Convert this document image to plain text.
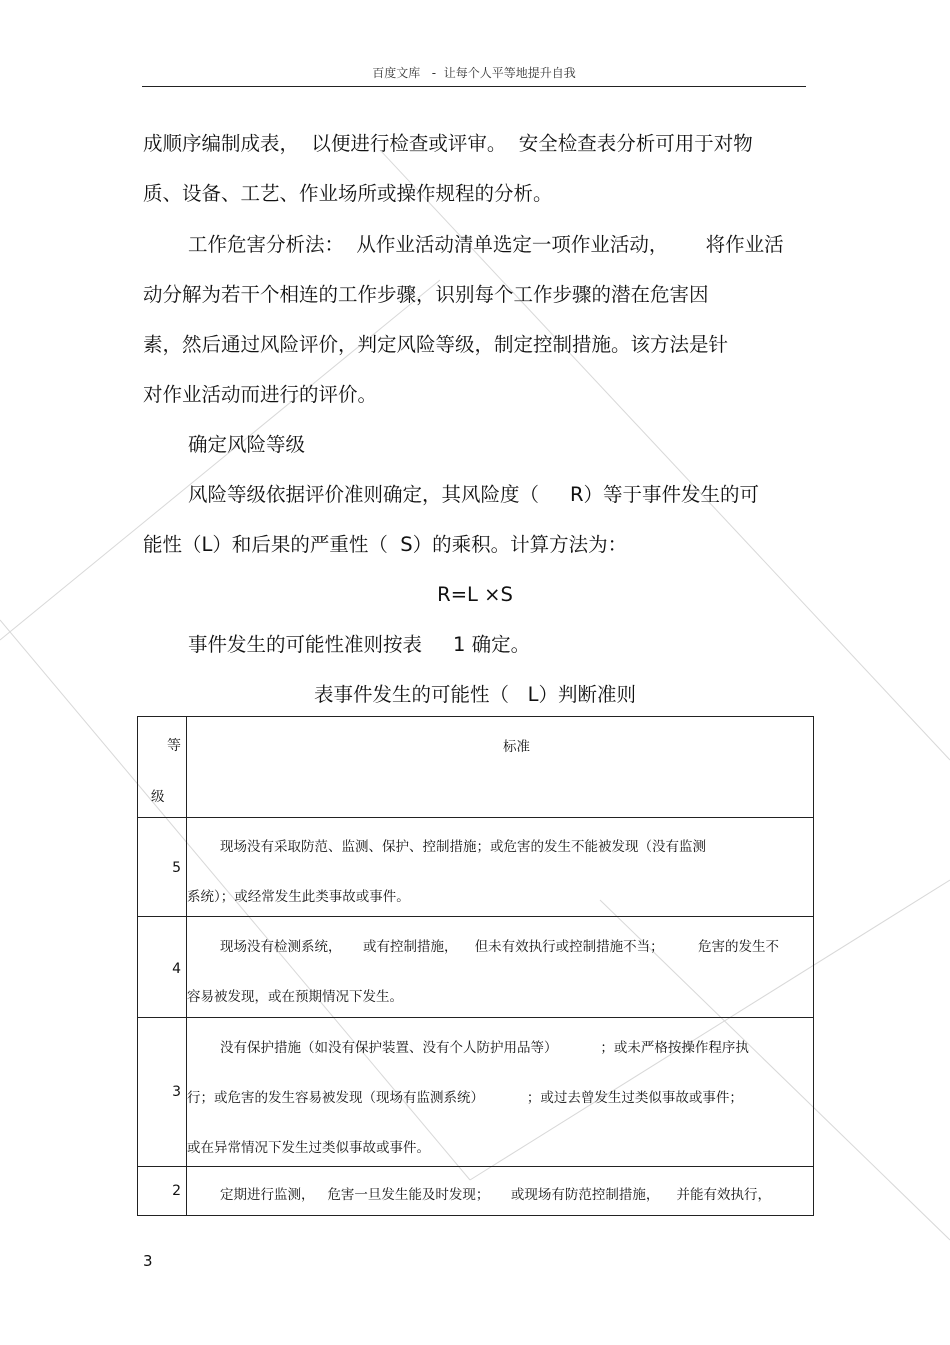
百度文库 - 让每个人平等地提升自我
成顺序编制成表，  以便进行检查或评审。  安全检查表分析可用于对物
质、设备、工艺、作业场所或操作规程的分析。
工作危害分析法：  从作业活动清单选定一项作业活动，      将作业活
动分解为若干个相连的工作步骤，识别每个工作步骤的潜在危害因
素，然后通过风险评价，判定风险等级，制定控制措施。该方法是针
对作业活动而进行的评价。
确定风险等级
风险等级依据评价准则确定，其风险度（     R）等于事件发生的可
能性（L）和后果的严重性（  S）的乘积。计算方法为：
R=L ×S
事件发生的可能性准则按表     1 确定。
表事件发生的可能性（   L）判断准则
等
级	标准

5	现场没有采取防范、监测、保护、控制措施；或危害的发生不能被发现（没有监测
系统）；或经常发生此类事故或事件。

4	现场没有检测系统，     或有控制措施，    但未有效执行或控制措施不当；        危害的发生不
容易被发现，或在预期情况下发生。

3	没有保护措施（如没有保护装置、没有个人防护用品等）          ；或未严格按操作程序执
行；或危害的发生容易被发现（现场有监测系统）          ；或过去曾发生过类似事故或事件；
或在异常情况下发生过类似事故或事件。

2	定期进行监测，   危害一旦发生能及时发现；     或现场有防范控制措施，    并能有效执行，
3
